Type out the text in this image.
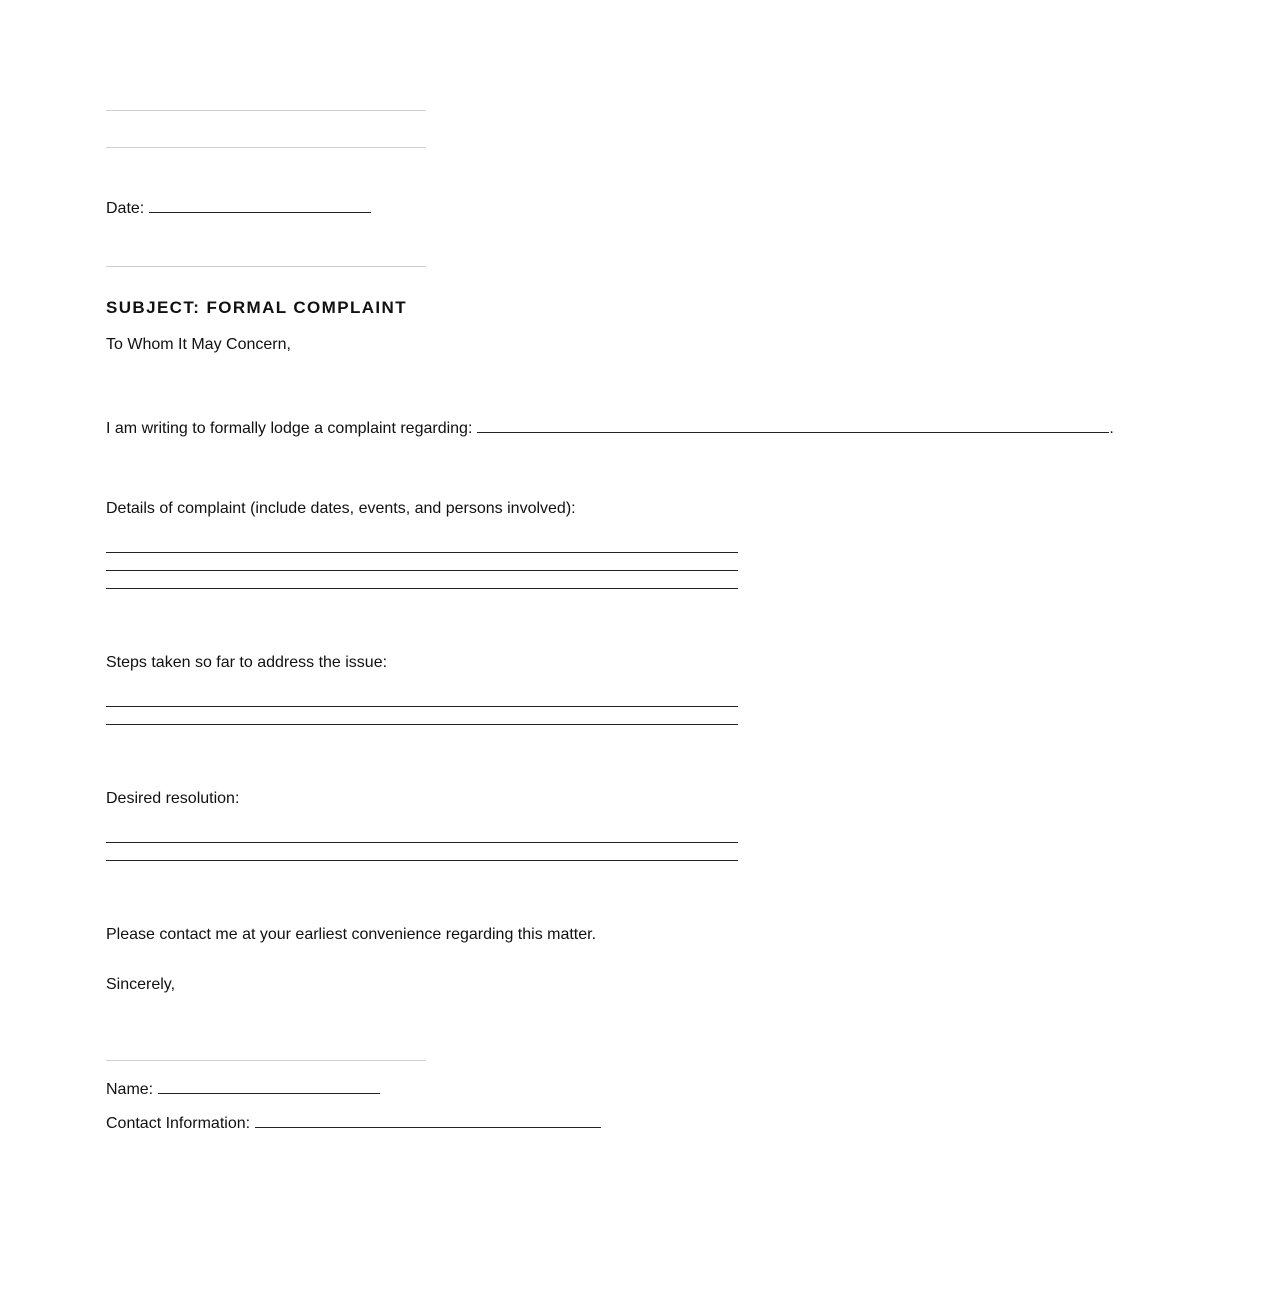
Date:
SUBJECT: FORMAL COMPLAINT
To Whom It May Concern,
I am writing to formally lodge a complaint regarding:	.
Details of complaint (include dates, events, and persons involved):
Steps taken so far to address the issue:
Desired resolution:
Please contact me at your earliest convenience regarding this matter.
Sincerely,
Name:
Contact Information:
